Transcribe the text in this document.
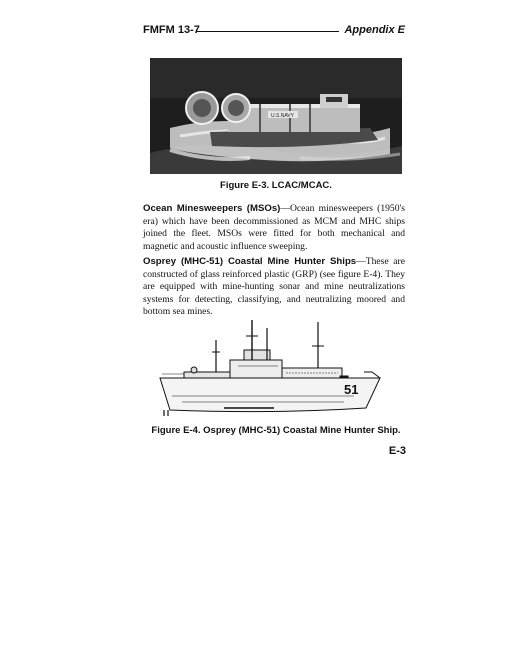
FMFM 13-7	Appendix E
U.S.NAVY
Figure E-3. LCAC/MCAC.

Ocean Minesweepers (MSOs)—Ocean minesweepers (1950's era) which have been decommissioned as MCM and MHC ships joined the fleet. MSOs were fitted for both mechanical and magnetic and acoustic influence sweeping.

Osprey (MHC-51) Coastal Mine Hunter Ships—These are constructed of glass reinforced plastic (GRP) (see figure E-4). They are equipped with mine-hunting sonar and mine neutralizations systems for detecting, classifying, and neutralizing moored and bottom sea mines.

51
Figure E-4. Osprey (MHC-51) Coastal Mine Hunter Ship.
E-3
